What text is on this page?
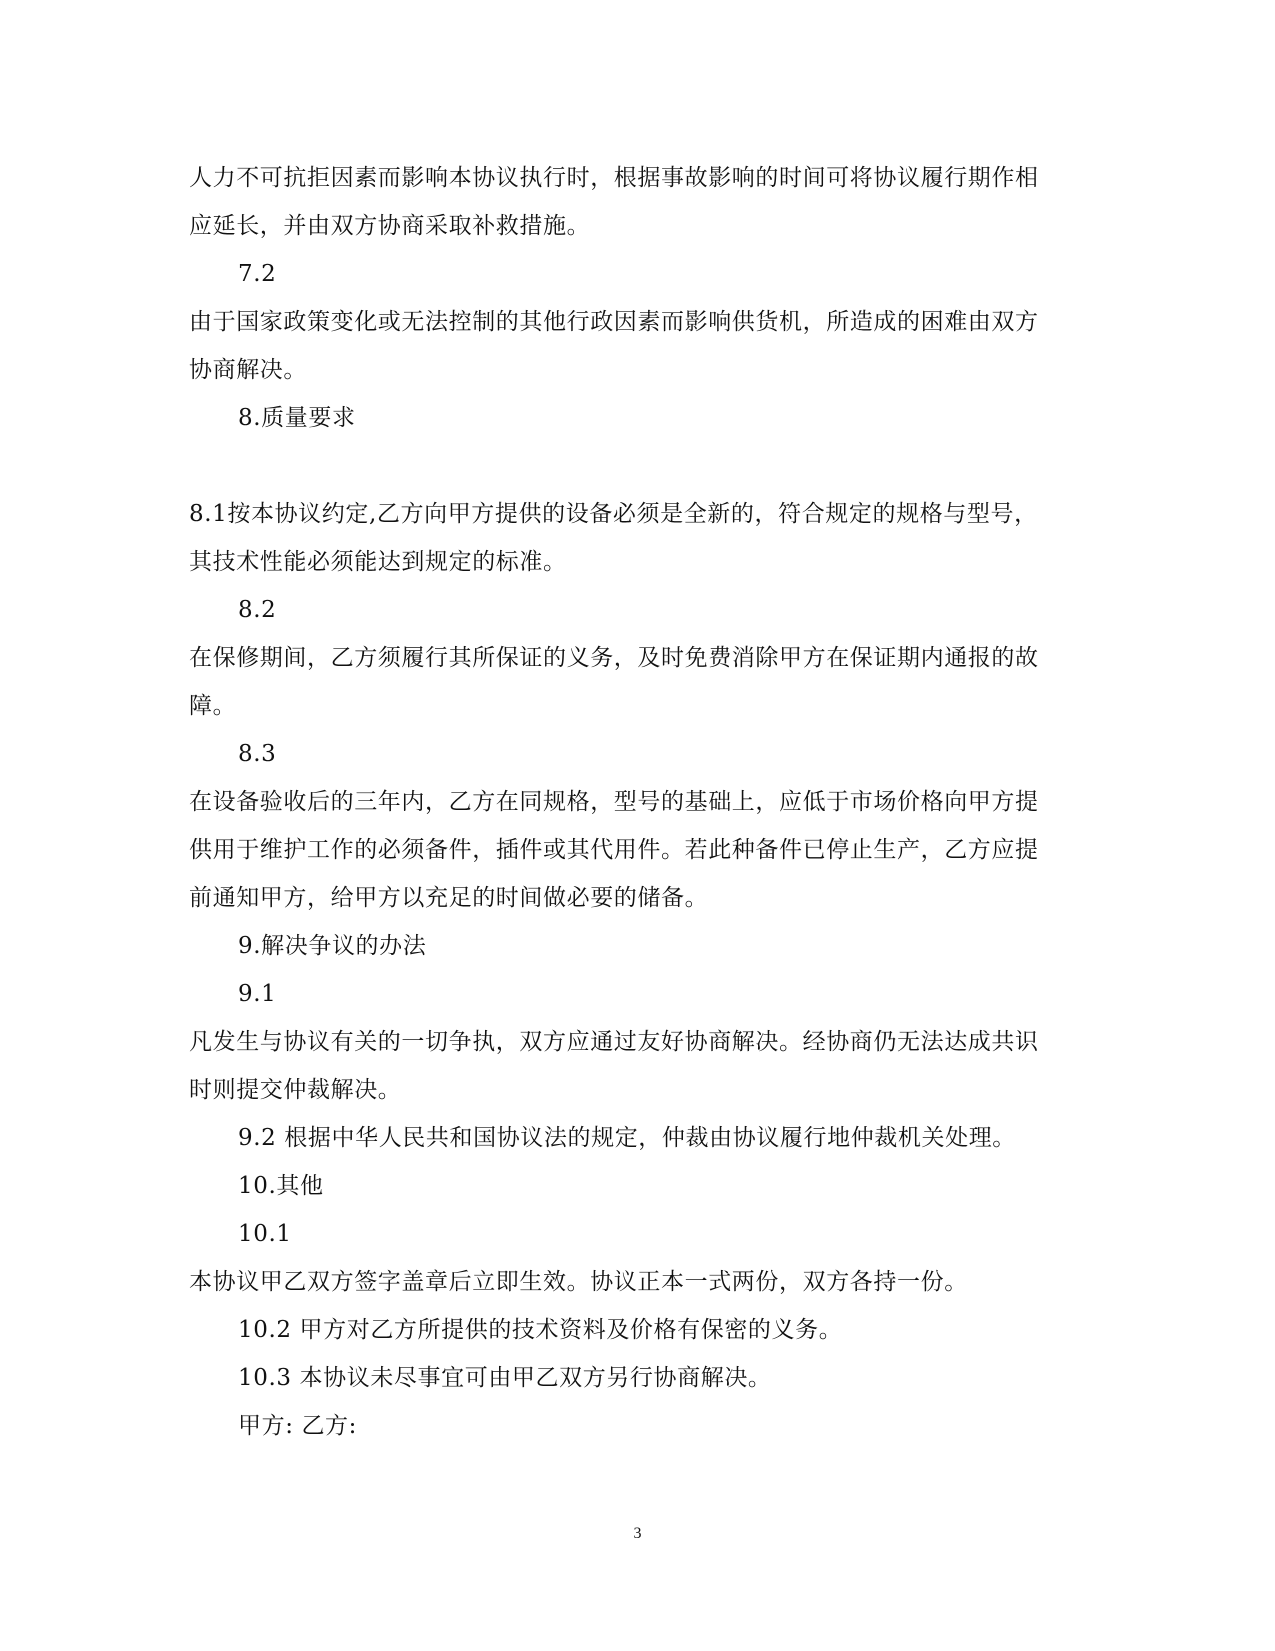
人力不可抗拒因素而影响本协议执行时，根据事故影响的时间可将协议履行期作相
应延长，并由双方协商采取补救措施。
7.2
由于国家政策变化或无法控制的其他行政因素而影响供货机，所造成的困难由双方
协商解决。
8.质量要求
8.1按本协议约定,乙方向甲方提供的设备必须是全新的，符合规定的规格与型号，
其技术性能必须能达到规定的标准。
8.2
在保修期间，乙方须履行其所保证的义务，及时免费消除甲方在保证期内通报的故
障。
8.3
在设备验收后的三年内，乙方在同规格，型号的基础上，应低于市场价格向甲方提
供用于维护工作的必须备件，插件或其代用件。若此种备件已停止生产，乙方应提
前通知甲方，给甲方以充足的时间做必要的储备。
9.解决争议的办法
9.1
凡发生与协议有关的一切争执，双方应通过友好协商解决。经协商仍无法达成共识
时则提交仲裁解决。
9.2 根据中华人民共和国协议法的规定，仲裁由协议履行地仲裁机关处理。
10.其他
10.1
本协议甲乙双方签字盖章后立即生效。协议正本一式两份，双方各持一份。
10.2 甲方对乙方所提供的技术资料及价格有保密的义务。
10.3 本协议未尽事宜可由甲乙双方另行协商解决。
甲方: 乙方:
3
